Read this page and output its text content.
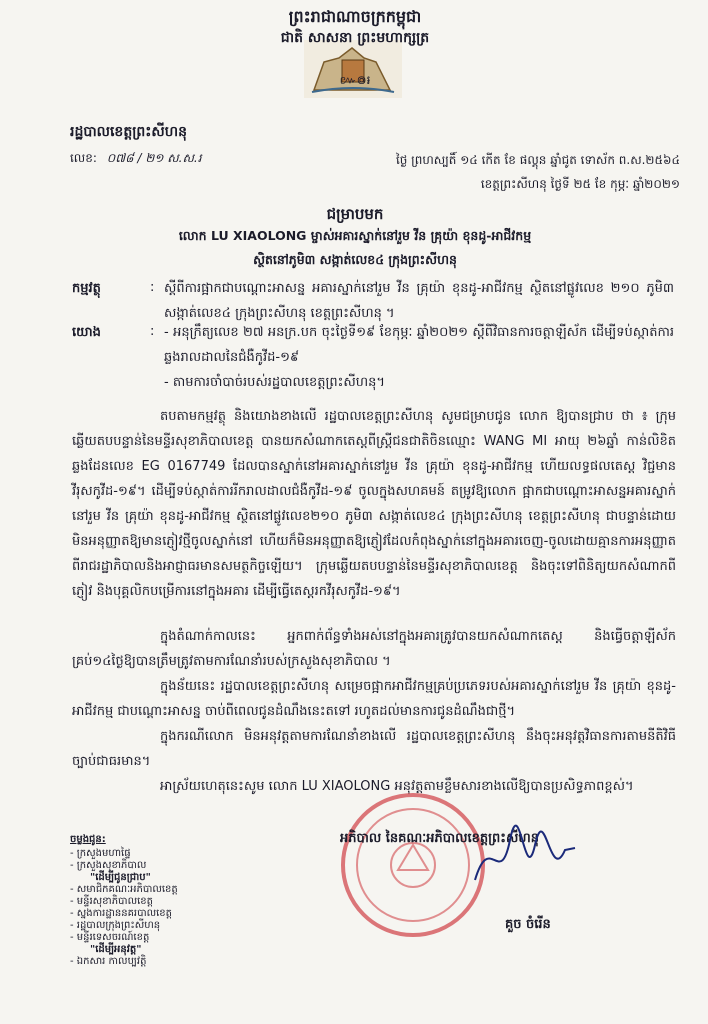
ព្រះរាជាណាចក្រកម្ពុជា
ជាតិ សាសនា ព្រះមហាក្សត្រ
៚៙៛
រដ្ឋបាលខេត្តព្រះសីហនុ
លេខ: ០៧៨ / ២១ ស.ស.រ	ថ្ងៃ ព្រហស្បតិ៍ ១៤ កើត ខែ ផល្គុន ឆ្នាំជូត ទោស័ក ព.ស.២៥៦៤
ខេត្តព្រះសីហនុ ថ្ងៃទី ២៥ ខែ កុម្ភៈ ឆ្នាំ២០២១
ជម្រាបមក
លោក LU XIAOLONG ម្ចាស់អគារស្នាក់នៅរួម វីន គ្រុយ៉ា ខុនដូ-អាជីវកម្ម
ស្ថិតនៅភូមិ៣ សង្កាត់លេខ៤ ក្រុងព្រះសីហនុ
កម្មវត្ថុ	: ស្តីពីការផ្អាកជាបណ្តោះអាសន្ន អគារស្នាក់នៅរួម វីន គ្រុយ៉ា ខុនដូ-អាជីវកម្ម ស្ថិតនៅផ្លូវលេខ ២១០ ភូមិ៣ សង្កាត់លេខ៤ ក្រុងព្រះសីហនុ ខេត្តព្រះសីហនុ ។
យោង	: - អនុក្រឹត្យលេខ ២៧ អនក្រ.បក ចុះថ្ងៃទី១៩ ខែកុម្ភៈ ឆ្នាំ២០២១ ស្តីពីវិធានការចត្តាឡីស័ក ដើម្បីទប់ស្កាត់ការឆ្លងរាលដាលនៃជំងឺកូវីដ-១៩
- តាមការចាំបាច់របស់រដ្ឋបាលខេត្តព្រះសីហនុ។
តបតាមកម្មវត្ថុ និងយោងខាងលើ រដ្ឋបាលខេត្តព្រះសីហនុ សូមជម្រាបជូន លោក ឱ្យបានជ្រាប ថា ៖ ក្រុមឆ្លើយតបបន្ទាន់នៃមន្ទីរសុខាភិបាលខេត្ត បានយកសំណាកតេស្តពីស្ត្រីជនជាតិចិនឈ្មោះ WANG MI អាយុ ២៦ឆ្នាំ កាន់លិខិតឆ្លងដែនលេខ EG 0167749 ដែលបានស្នាក់នៅអគារស្នាក់នៅរួម វីន គ្រុយ៉ា ខុនដូ-អាជីវកម្ម ហើយលទ្ធផលតេស្ត វិជ្ជមានវីរុសកូវីដ-១៩។ ដើម្បីទប់ស្កាត់ការរីករាលដាលជំងឺកូវីដ-១៩ ចូលក្នុងសហគមន៍ តម្រូវឱ្យលោក ផ្អាកជាបណ្តោះអាសន្នអគារស្នាក់នៅរួម វីន គ្រុយ៉ា ខុនដូ-អាជីវកម្ម ស្ថិតនៅផ្លូវលេខ២១០ ភូមិ៣ សង្កាត់លេខ៤ ក្រុងព្រះសីហនុ ខេត្តព្រះសីហនុ ជាបន្ទាន់ដោយមិនអនុញ្ញាតឱ្យមានភ្ញៀវថ្មីចូលស្នាក់នៅ ហើយក៏មិនអនុញ្ញាតឱ្យភ្ញៀវដែលកំពុងស្នាក់នៅក្នុងអគារចេញ-ចូលដោយគ្មានការអនុញ្ញាតពីរាជរដ្ឋាភិបាលនិងអាជ្ញាធរមានសមត្ថកិច្ចឡើយ។ ក្រុមឆ្លើយតបបន្ទាន់នៃមន្ទីរសុខាភិបាលខេត្ត និងចុះទៅពិនិត្យយកសំណាកពីភ្ញៀវ និងបុគ្គលិកបម្រើការនៅក្នុងអគារ ដើម្បីធ្វើតេស្តរកវីរុសកូវីដ-១៩។
ក្នុងតំណាក់កាលនេះ អ្នកពាក់ព័ន្ធទាំងអស់នៅក្នុងអគារត្រូវបានយកសំណាកតេស្ត និងធ្វើចត្តាឡីស័ក គ្រប់១៤ថ្ងៃឱ្យបានត្រឹមត្រូវតាមការណែនាំរបស់ក្រសួងសុខាភិបាល ។
ក្នុងន័យនេះ រដ្ឋបាលខេត្តព្រះសីហនុ សម្រេចផ្អាកអាជីវកម្មគ្រប់ប្រភេទរបស់អគារស្នាក់នៅរួម វីន គ្រុយ៉ា ខុនដូ-អាជីវកម្ម ជាបណ្តោះអាសន្ន ចាប់ពីពេលជូនដំណឹងនេះតទៅ រហូតដល់មានការជូនដំណឹងជាថ្មី។
ក្នុងករណីលោក មិនអនុវត្តតាមការណែនាំខាងលើ រដ្ឋបាលខេត្តព្រះសីហនុ នឹងចុះអនុវត្តវិធានការតាមនីតិវិធីច្បាប់ជាធរមាន។
អាស្រ័យហេតុនេះសូម លោក LU XIAOLONG អនុវត្តតាមខ្លឹមសារខាងលើឱ្យបានប្រសិទ្ធភាពខ្ពស់។
អភិបាល នៃគណៈអភិបាលខេត្តព្រះសីហនុ
គួច ចំរើន
ចម្លងជូន:
- ក្រសួងមហាផ្ទៃ
- ក្រសួងសុខាភិបាល
"ដើម្បីជូនជ្រាប"
- សមាជិកគណៈអភិបាលខេត្ត
- មន្ទីរសុខាភិបាលខេត្ត
- ស្នងការដ្ឋាននគរបាលខេត្ត
- រដ្ឋបាលក្រុងព្រះសីហនុ
- មន្ទីរទេសចរណ៍ខេត្ត
"ដើម្បីអនុវត្ត"
- ឯកសារ កាលប្បវត្តិ
